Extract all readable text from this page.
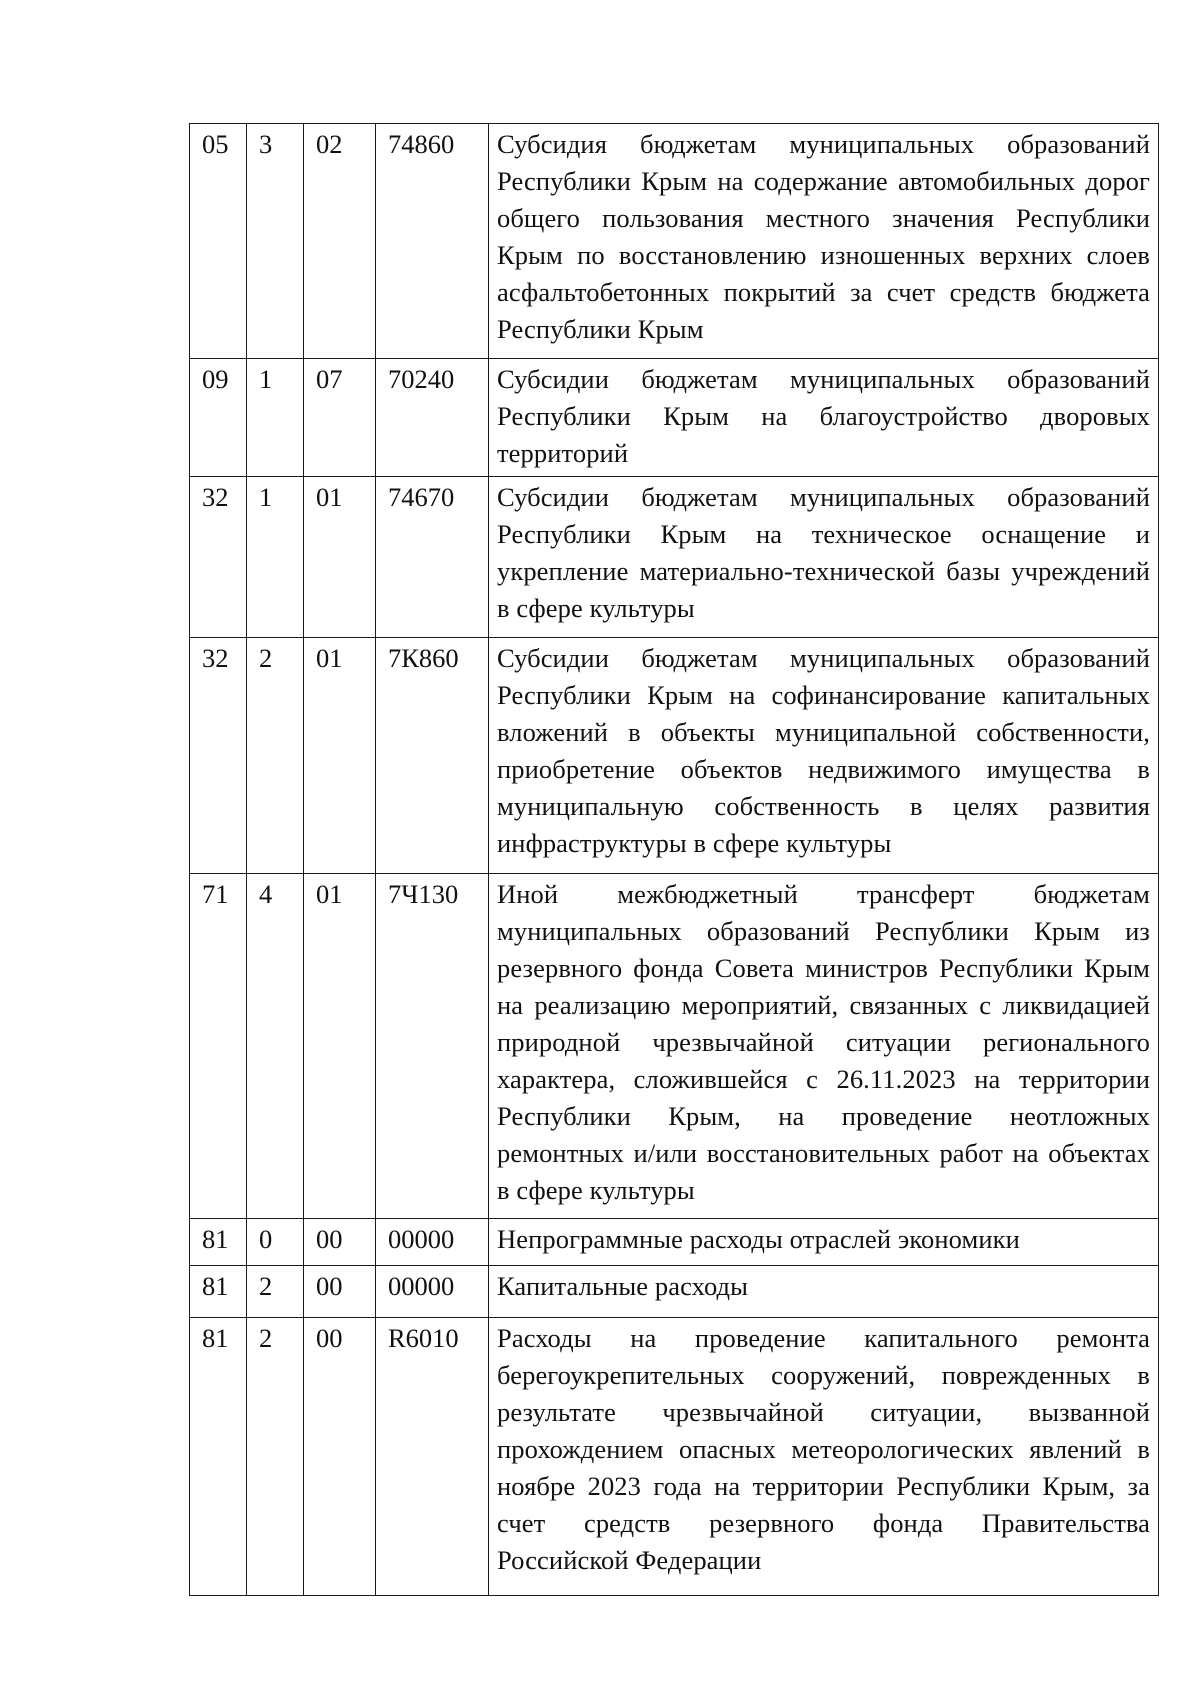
05	3	02	74860	Субсидия бюджетам муниципальных образований Республики Крым на содержание автомобильных дорог общего пользования местного значения Республики Крым по восстановлению изношенных верхних слоев асфальтобетонных покрытий за счет средств бюджета Республики Крым
09	1	07	70240	Субсидии бюджетам муниципальных образований Республики Крым на благоустройство дворовых территорий
32	1	01	74670	Субсидии бюджетам муниципальных образований Республики Крым на техническое оснащение и укрепление материально-технической базы учреждений в сфере культуры
32	2	01	7К860	Субсидии бюджетам муниципальных образований Республики Крым на софинансирование капитальных вложений в объекты муниципальной собственности, приобретение объектов недвижимого имущества в муниципальную собственность в целях развития инфраструктуры в сфере культуры
71	4	01	7Ч130	Иной межбюджетный трансферт бюджетам муниципальных образований Республики Крым из резервного фонда Совета министров Республики Крым на реализацию мероприятий, связанных с ликвидацией природной чрезвычайной ситуации регионального характера, сложившейся с 26.11.2023 на территории Республики Крым, на проведение неотложных ремонтных и/или восстановительных работ на объектах в сфере культуры
81	0	00	00000	Непрограммные расходы отраслей экономики
81	2	00	00000	Капитальные расходы
81	2	00	R6010	Расходы на проведение капитального ремонта берегоукрепительных сооружений, поврежденных в результате чрезвычайной ситуации, вызванной прохождением опасных метеорологических явлений в ноябре 2023 года на территории Республики Крым, за счет средств резервного фонда Правительства Российской Федерации
